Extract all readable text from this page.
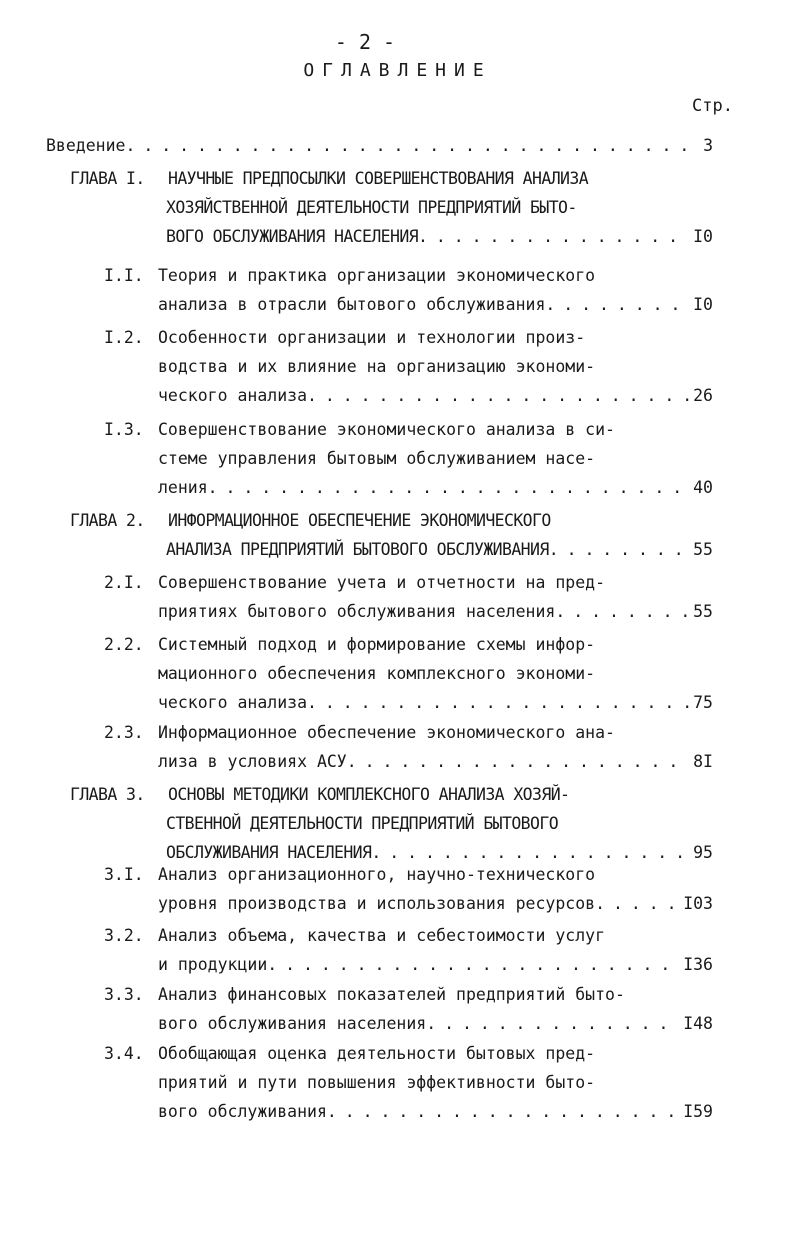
- 2 -
ОГЛАВЛЕНИЕ
Стр.
Введение . . .	3
ГЛАВА I. НАУЧНЫЕ ПРЕДПОСЫЛКИ СОВЕРШЕНСТВОВАНИЯ АНАЛИЗА
ХОЗЯЙСТВЕННОЙ ДЕЯТЕЛЬНОСТИ ПРЕДПРИЯТИЙ БЫТО-
ВОГО ОБСЛУЖИВАНИЯ НАСЕЛЕНИЯ . . .	I0
I.I. Теория и практика организации экономического
анализа в отрасли бытового обслуживания . . .	I0
I.2. Особенности организации и технологии произ-
водства и их влияние на организацию экономи-
ческого анализа . . .	26
I.3. Совершенствование экономического анализа в си-
стеме управления бытовым обслуживанием насе-
ления . . .	40
ГЛАВА 2. ИНФОРМАЦИОННОЕ ОБЕСПЕЧЕНИЕ ЭКОНОМИЧЕСКОГО
АНАЛИЗА ПРЕДПРИЯТИЙ БЫТОВОГО ОБСЛУЖИВАНИЯ . . .	55
2.I. Совершенствование учета и отчетности на пред-
приятиях бытового обслуживания населения . . .	55
2.2. Системный подход и формирование схемы инфор-
мационного обеспечения комплексного экономи-
ческого анализа . . .	75
2.3. Информационное обеспечение экономического ана-
лиза в условиях АСУ . . .	8I
ГЛАВА 3. ОСНОВЫ МЕТОДИКИ КОМПЛЕКСНОГО АНАЛИЗА ХОЗЯЙ-
СТВЕННОЙ ДЕЯТЕЛЬНОСТИ ПРЕДПРИЯТИЙ БЫТОВОГО
ОБСЛУЖИВАНИЯ НАСЕЛЕНИЯ . . .	95
3.I. Анализ организационного, научно-технического
уровня производства и использования ресурсов . . .	I03
3.2. Анализ объема, качества и себестоимости услуг
и продукции . . .	I36
3.3. Анализ финансовых показателей предприятий быто-
вого обслуживания населения . . .	I48
3.4. Обобщающая оценка деятельности бытовых пред-
приятий и пути повышения эффективности быто-
вого обслуживания . . .	I59
